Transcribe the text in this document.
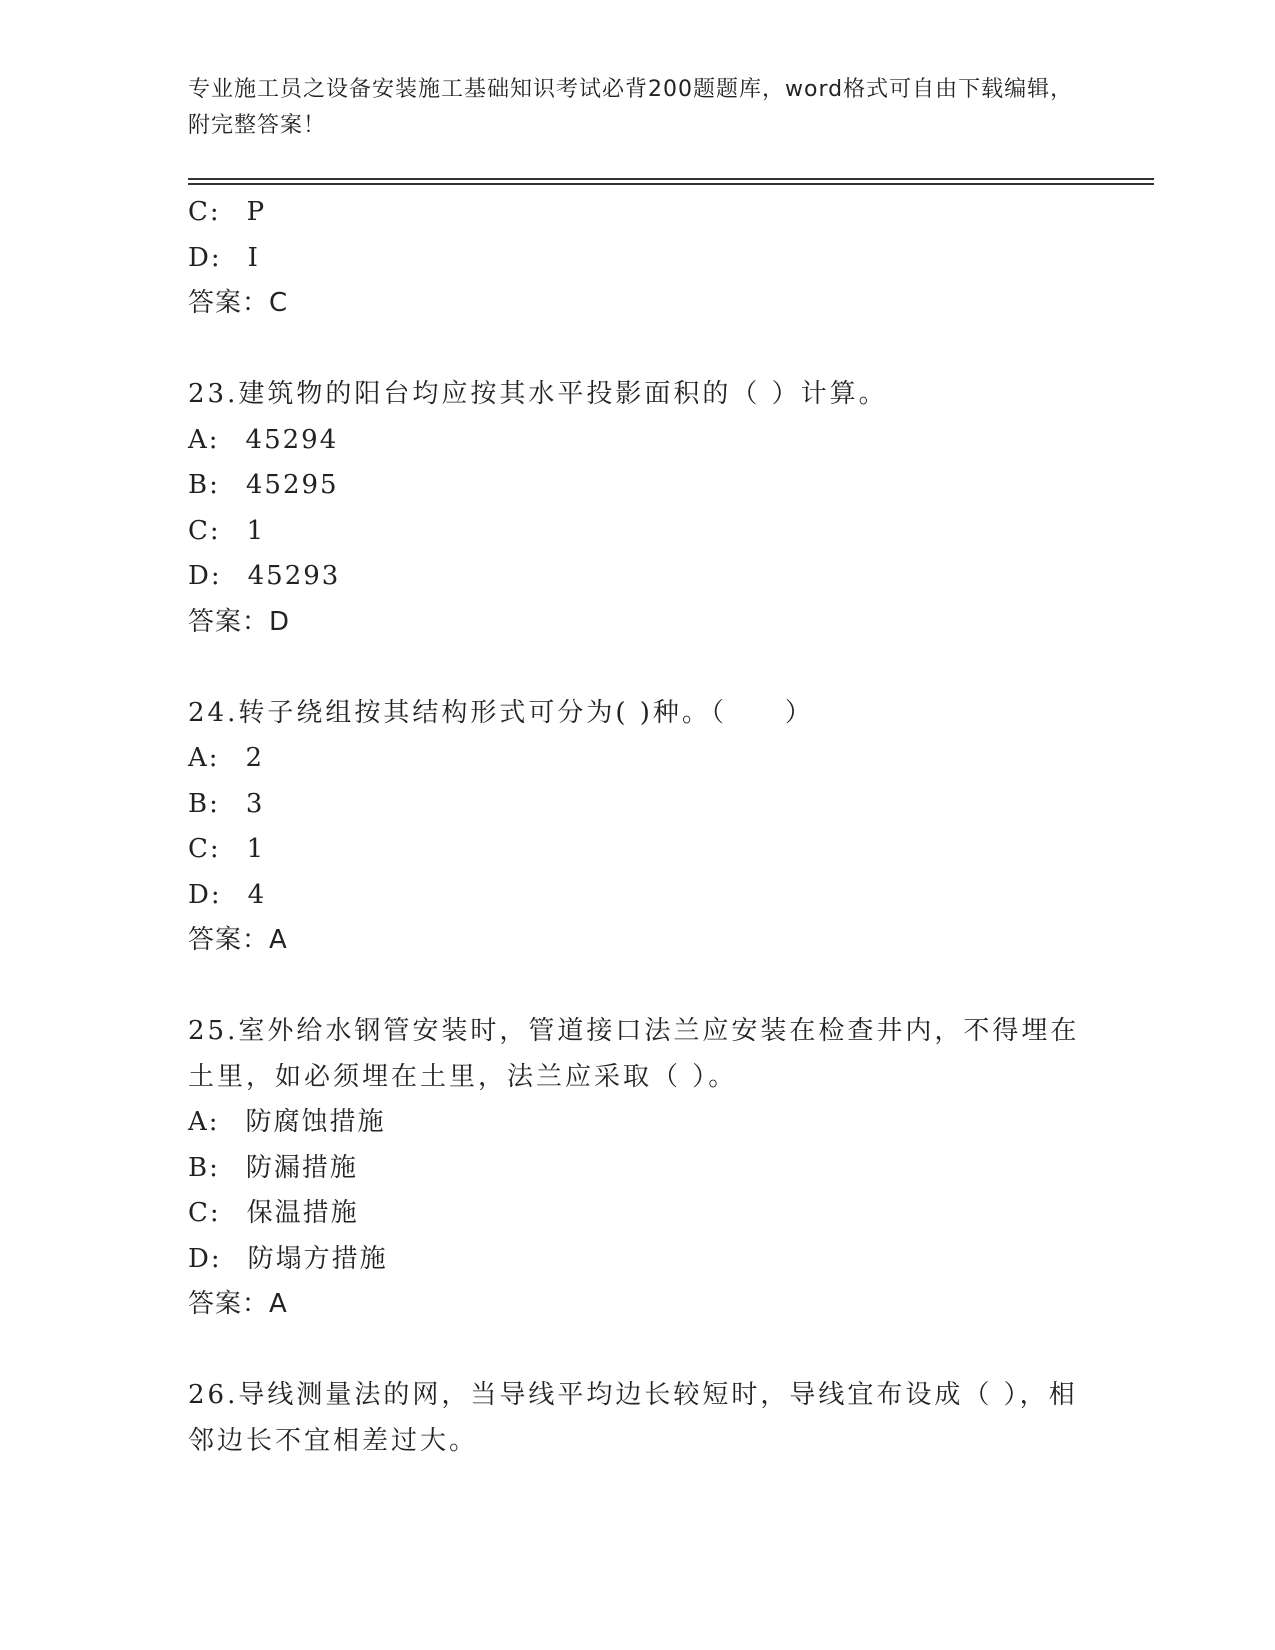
专业施工员之设备安装施工基础知识考试必背200题题库，word格式可自由下载编辑，附完整答案！
C: P
D: I
答案：C
23.建筑物的阳台均应按其水平投影面积的（ ）计算。
A: 45294
B: 45295
C: 1
D: 45293
答案：D
24.转子绕组按其结构形式可分为( )种。（　　）
A: 2
B: 3
C: 1
D: 4
答案：A
25.室外给水钢管安装时，管道接口法兰应安装在检查井内，不得埋在土里，如必须埋在土里，法兰应采取（ ）。
A: 防腐蚀措施
B: 防漏措施
C: 保温措施
D: 防塌方措施
答案：A
26.导线测量法的网，当导线平均边长较短时，导线宜布设成（ ），相邻边长不宜相差过大。
